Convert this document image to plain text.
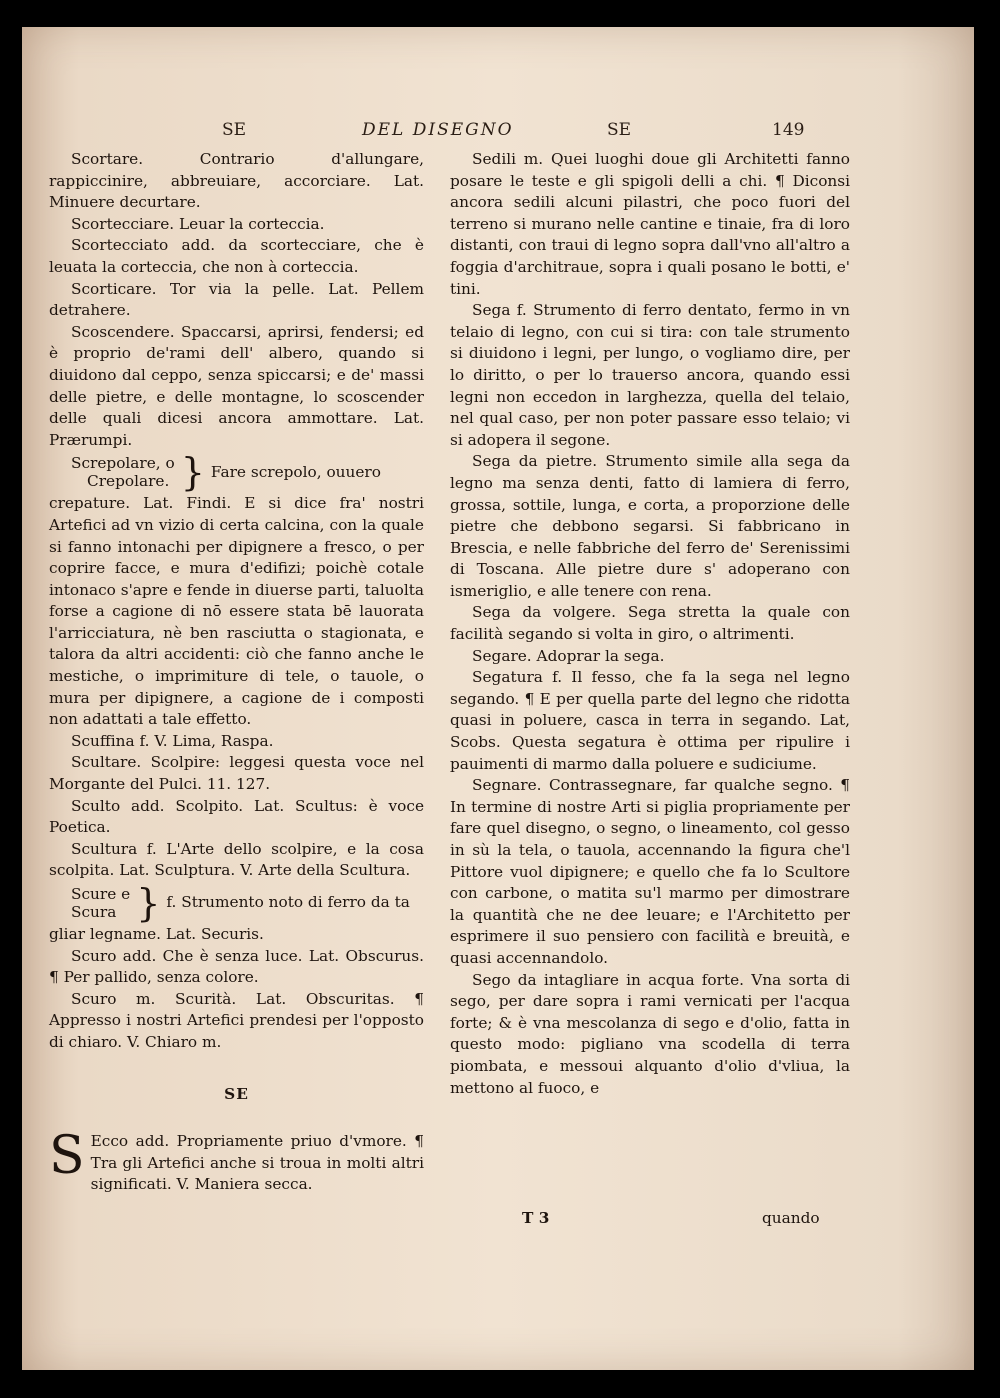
SE	DEL DISEGNO	SE	149

Scortare. Contrario d'allungare, rappiccinire, abbreuiare, accorciare. Lat. Minuere decurtare.

Scortecciare. Leuar la corteccia.

Scortecciato add. da scortecciare, che è leuata la corteccia, che non à corteccia.

Scorticare. Tor via la pelle. Lat. Pellem detrahere.

Scoscendere. Spaccarsi, aprirsi, fendersi; ed è proprio de'rami dell' albero, quando si diuidono dal ceppo, senza spiccarsi; e de' massi delle pietre, e delle montagne, lo scoscender delle quali dicesi ancora ammottare. Lat. Prærumpi.

Screpolare, o
Crepolare. } Fare screpolo, ouuero

crepature. Lat. Findi. E si dice fra' nostri Artefici ad vn vizio di certa calcina, con la quale si fanno intonachi per dipignere a fresco, o per coprire facce, e mura d'edifizi; poichè cotale intonaco s'apre e fende in diuerse parti, taluolta forse a cagione di nō essere stata bē lauorata l'arricciatura, nè ben rasciutta o stagionata, e talora da altri accidenti: ciò che fanno anche le mestiche, o imprimiture di tele, o tauole, o mura per dipignere, a cagione de i composti non adattati a tale effetto.

Scuffina f. V. Lima, Raspa.

Scultare. Scolpire: leggesi questa voce nel Morgante del Pulci. 11. 127.

Sculto add. Scolpito. Lat. Scultus: è voce Poetica.

Scultura f. L'Arte dello scolpire, e la cosa scolpita. Lat. Sculptura. V. Arte della Scultura.

Scure e
Scura } f. Strumento noto di ferro da ta

gliar legname. Lat. Securis.

Scuro add. Che è senza luce. Lat. Obscurus. ¶ Per pallido, senza colore.

Scuro m. Scurità. Lat. Obscuritas. ¶ Appresso i nostri Artefici prendesi per l'opposto di chiaro. V. Chiaro m.

SE

S Ecco add. Propriamente priuo d'vmore. ¶ Tra gli Artefici anche si troua in molti altri significati. V. Maniera secca.

Sedili m. Quei luoghi doue gli Architetti fanno posare le teste e gli spigoli delli a chi. ¶ Diconsi ancora sedili alcuni pilastri, che poco fuori del terreno si murano nelle cantine e tinaie, fra di loro distanti, con traui di legno sopra dall'vno all'altro a foggia d'architraue, sopra i quali posano le botti, e' tini.

Sega f. Strumento di ferro dentato, fermo in vn telaio di legno, con cui si tira: con tale strumento si diuidono i legni, per lungo, o vogliamo dire, per lo diritto, o per lo trauerso ancora, quando essi legni non eccedon in larghezza, quella del telaio, nel qual caso, per non poter passare esso telaio; vi si adopera il segone.

Sega da pietre. Strumento simile alla sega da legno ma senza denti, fatto di lamiera di ferro, grossa, sottile, lunga, e corta, a proporzione delle pietre che debbono segarsi. Si fabbricano in Brescia, e nelle fabbriche del ferro de' Serenissimi di Toscana. Alle pietre dure s' adoperano con ismeriglio, e alle tenere con rena.

Sega da volgere. Sega stretta la quale con facilità segando si volta in giro, o altrimenti.

Segare. Adoprar la sega.

Segatura f. Il fesso, che fa la sega nel legno segando. ¶ E per quella parte del legno che ridotta quasi in poluere, casca in terra in segando. Lat, Scobs. Questa segatura è ottima per ripulire i pauimenti di marmo dalla poluere e sudiciume.

Segnare. Contrassegnare, far qualche segno. ¶ In termine di nostre Arti si piglia propriamente per fare quel disegno, o segno, o lineamento, col gesso in sù la tela, o tauola, accennando la figura che'l Pittore vuol dipignere; e quello che fa lo Scultore con carbone, o matita su'l marmo per dimostrare la quantità che ne dee leuare; e l'Architetto per esprimere il suo pensiero con facilità e breuità, e quasi accennandolo.

Sego da intagliare in acqua forte. Vna sorta di sego, per dare sopra i rami vernicati per l'acqua forte; & è vna mescolanza di sego e d'olio, fatta in questo modo: pigliano vna scodella di terra piombata, e messoui alquanto d'olio d'vliua, la mettono al fuoco, e

T 3	quando
